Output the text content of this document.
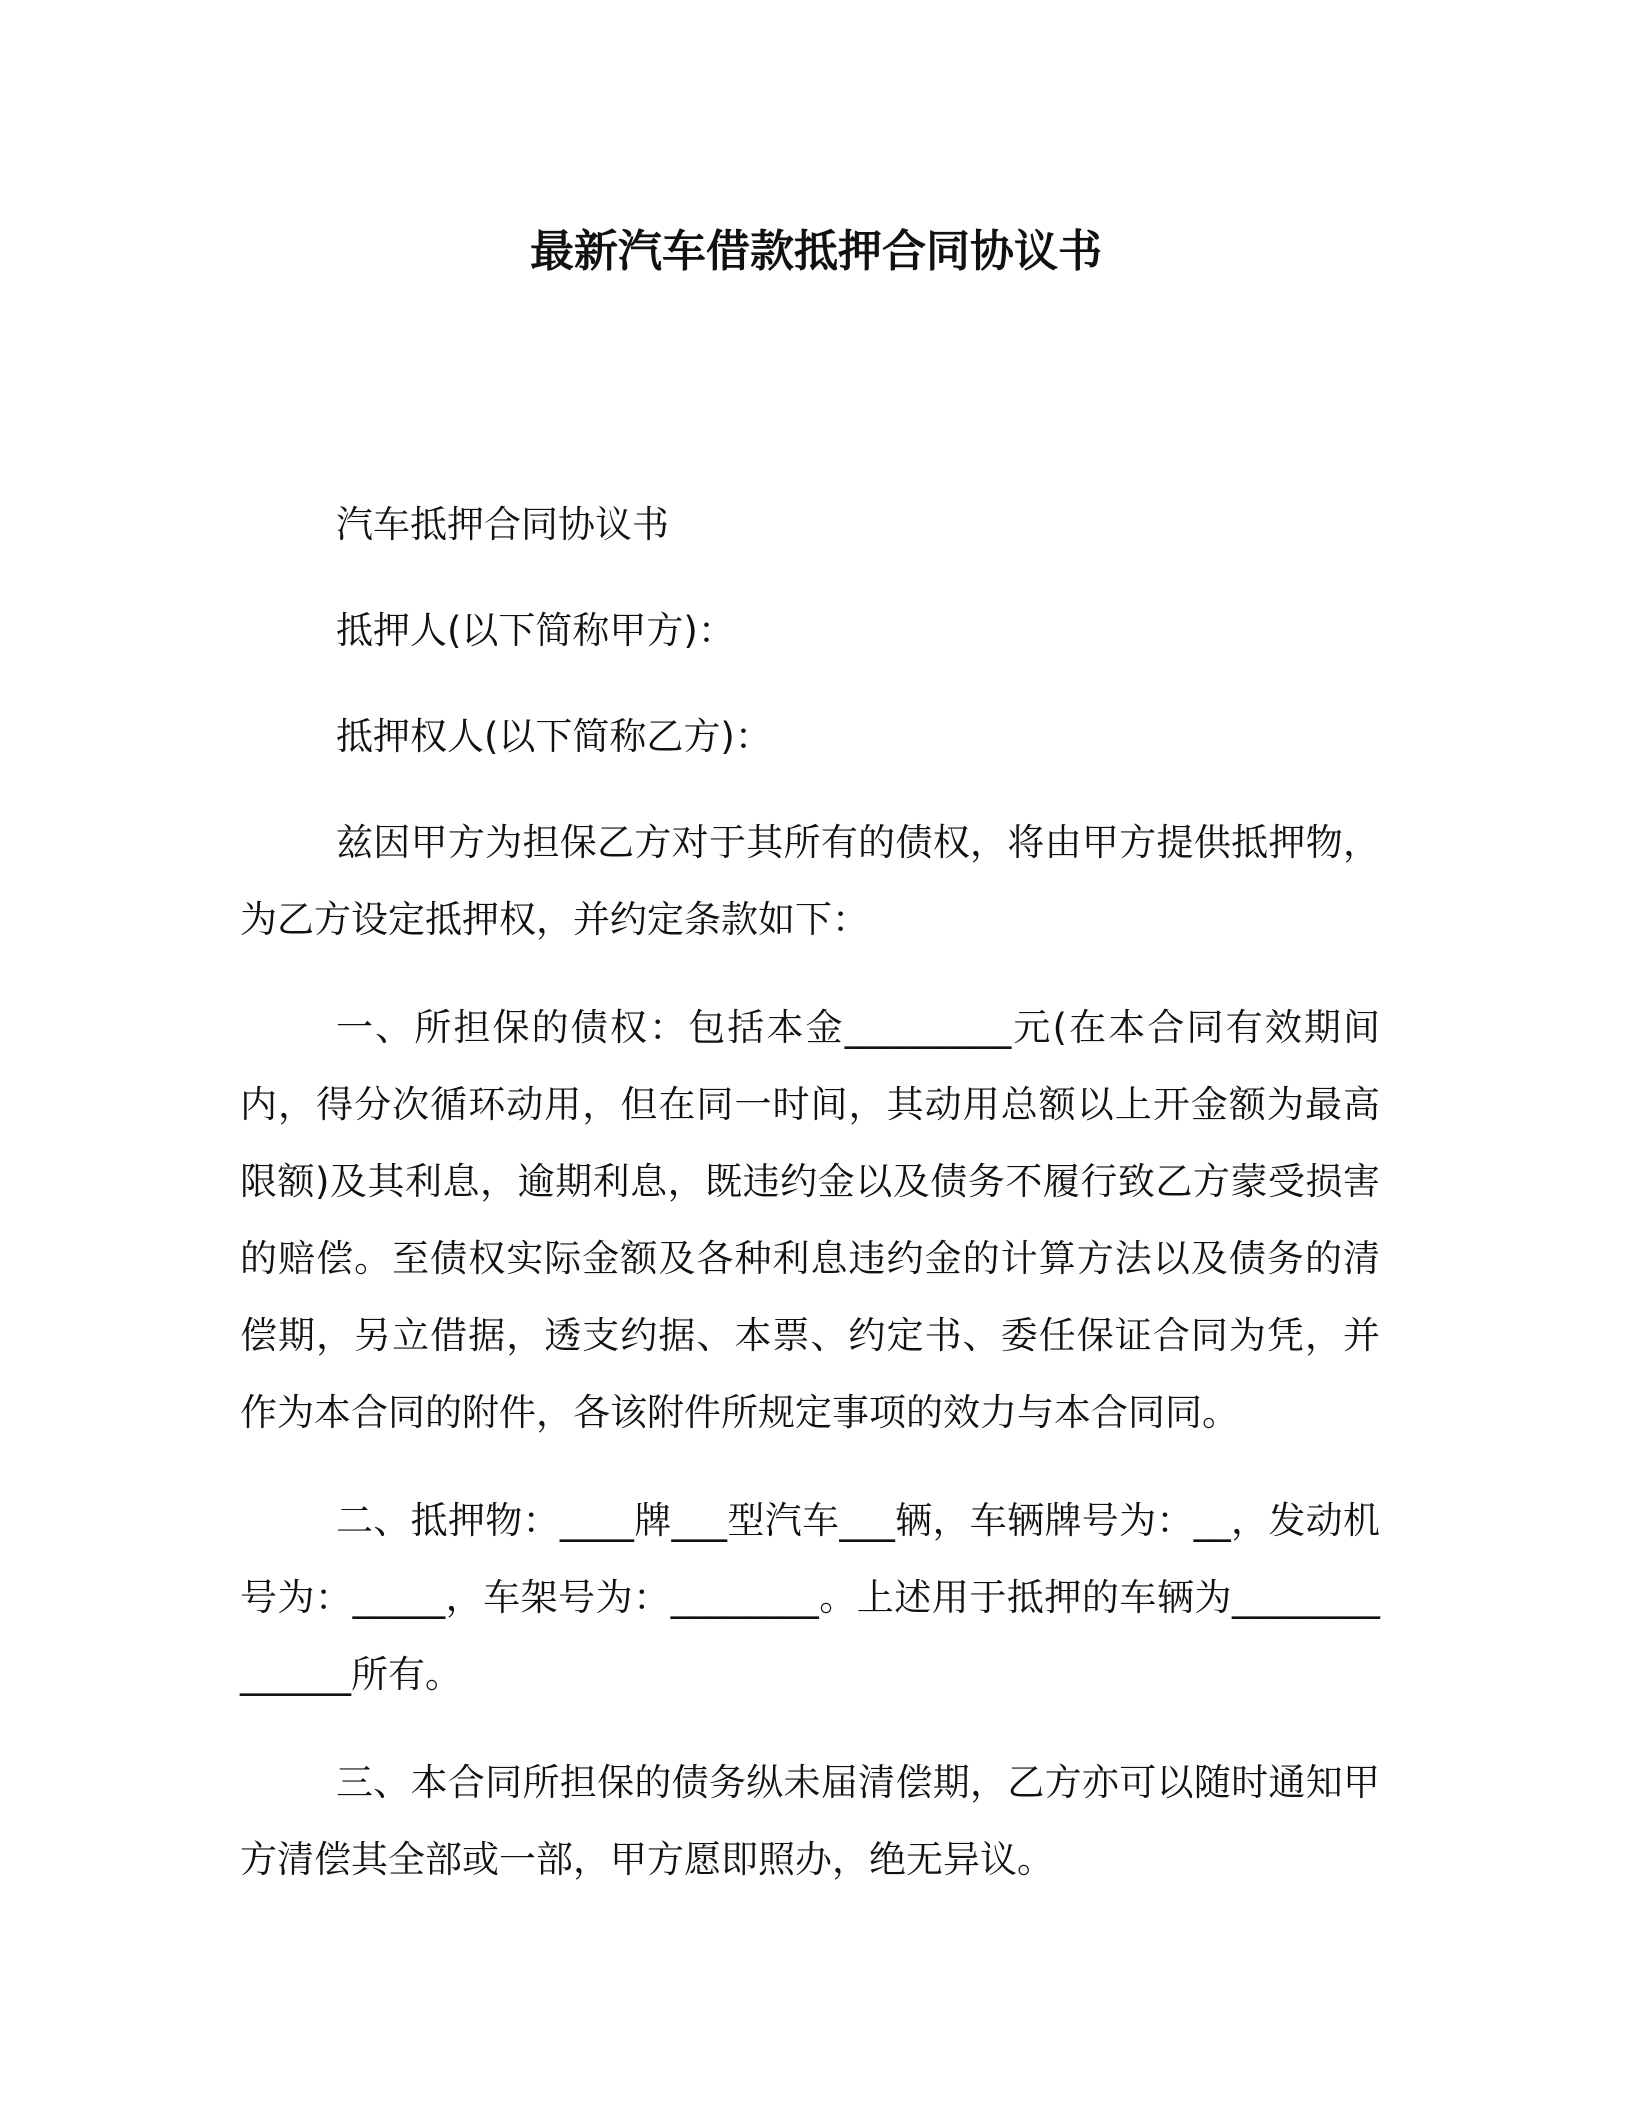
最新汽车借款抵押合同协议书

汽车抵押合同协议书

抵押人(以下简称甲方)：

抵押权人(以下简称乙方)：

兹因甲方为担保乙方对于其所有的债权，将由甲方提供抵押物，为乙方设定抵押权，并约定条款如下：

一、所担保的债权：包括本金_________元(在本合同有效期间内，得分次循环动用，但在同一时间，其动用总额以上开金额为最高限额)及其利息，逾期利息，既违约金以及债务不履行致乙方蒙受损害的赔偿。至债权实际金额及各种利息违约金的计算方法以及债务的清偿期，另立借据，透支约据、本票、约定书、委任保证合同为凭，并作为本合同的附件，各该附件所规定事项的效力与本合同同。

二、抵押物：____牌___型汽车___辆，车辆牌号为：__，发动机号为：_____，车架号为：________。上述用于抵押的车辆为______________所有。

三、本合同所担保的债务纵未届清偿期，乙方亦可以随时通知甲方清偿其全部或一部，甲方愿即照办，绝无异议。
